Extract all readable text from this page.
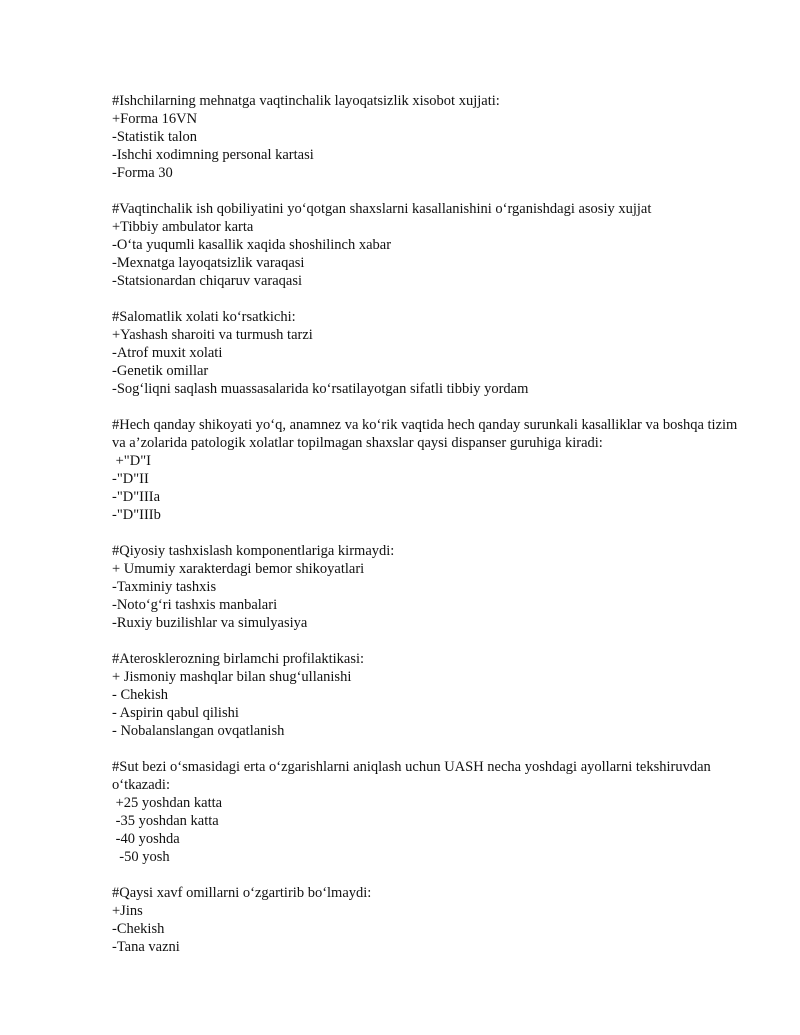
#Ishchilarning mehnatga vaqtinchalik layoqatsizlik xisobot xujjati:
+Forma 16VN
-Statistik talon
-Ishchi xodimning personal kartasi
-Forma 30
#Vaqtinchalik ish qobiliyatini yo‘qotgan shaxslarni kasallanishini o‘rganishdagi asosiy xujjat
+Tibbiy ambulator karta
-O‘ta yuqumli kasallik xaqida shoshilinch xabar
-Mexnatga layoqatsizlik varaqasi
-Statsionardan chiqaruv varaqasi
#Salomatlik xolati ko‘rsatkichi:
+Yashash sharoiti va turmush tarzi
-Atrof muxit xolati
-Genetik omillar
-Sog‘liqni saqlash muassasalarida ko‘rsatilayotgan sifatli tibbiy yordam
#Hech qanday shikoyati yo‘q, anamnez va ko‘rik vaqtida hech qanday surunkali kasalliklar va boshqa tizim va a’zolarida patologik xolatlar topilmagan shaxslar qaysi dispanser guruhiga kiradi:
+"D"I
-"D"II
-"D"IIIa
-"D"IIIb
#Qiyosiy tashxislash komponentlariga kirmaydi:
+ Umumiy xarakterdagi bemor shikoyatlari
-Taxminiy tashxis
-Noto‘g‘ri tashxis manbalari
-Ruxiy buzilishlar va simulyasiya
#Aterosklerozning birlamchi profilaktikasi:
+ Jismoniy mashqlar bilan shug‘ullanishi
- Chekish
- Aspirin qabul qilishi
- Nobalanslangan ovqatlanish
#Sut bezi o‘smasidagi erta o‘zgarishlarni aniqlash uchun UASH necha yoshdagi ayollarni tekshiruvdan o‘tkazadi:
+25 yoshdan katta
-35 yoshdan katta
-40 yoshda
-50 yosh
#Qaysi xavf omillarni o‘zgartirib bo‘lmaydi:
+Jins
-Chekish
-Tana vazni
